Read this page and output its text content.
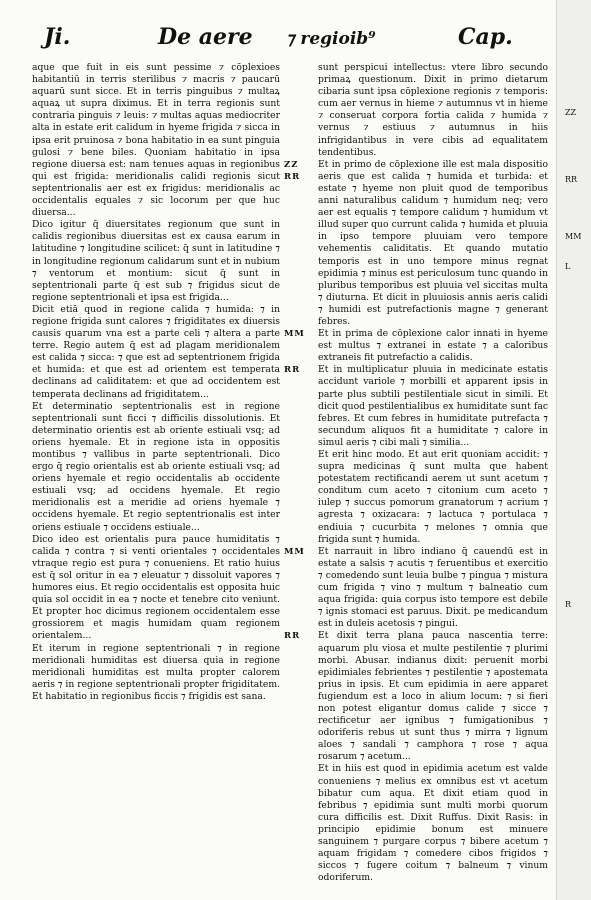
Ji.	De aere ⁊ regioib⁹	Cap.

aque que fuit in eis sunt pessime ⁊ cōplexioes habitantiū in terris sterilibus ⁊ macris ⁊ paucarū aquarū sunt sicce. Et in terris pinguibus ⁊ multaꝝ aquaꝝ ut supra diximus. Et in terra regionis sunt contraria pinguis ⁊ leuis: ⁊ multas aquas mediocriter alta in estate erit calidum in hyeme frigida ⁊ sicca in ipsa erit pruinosa ⁊ bona habitatio in ea sunt pinguia gulosi ⁊ bene biles. Quoniam habitatio in ipsa regione diuersa est: nam tenues aquas in regionibus qui est frigida: meridionalis calidi regionis sicut septentrionalis aer est ex frigidus: meridionalis ac occidentalis equales ⁊ sic locorum per que huc diuersa...

Dico igitur q̄ diuersitates regionum que sunt in calidis regionibus diuersitas est ex causa earum in latitudine ⁊ longitudine scilicet: q̄ sunt in latitudine ⁊ in longitudine regionum calidarum sunt et in nubium ⁊ ventorum et montium: sicut q̄ sunt in septentrionali parte q̄ est sub ⁊ frigidus sicut de regione septentrionali et ipsa est frigida...

Dicit etiā quod in regione calida ⁊ humida: ⁊ in regione frigida sunt calores ⁊ frigiditates ex diuersis causis quarum vna est a parte celi ⁊ altera a parte terre. Regio autem q̄ est ad plagam meridionalem est calida ⁊ sicca: ⁊ que est ad septentrionem frigida et humida: et que est ad orientem est temperata declinans ad caliditatem: et que ad occidentem est temperata declinans ad frigiditatem...

Et determinatio septentrionalis est in regione septentrionali sunt ficci ⁊ difficilis dissolutionis. Et determinatio orientis est ab oriente estiuali vsq; ad oriens hyemale. Et in regione ista in oppositis montibus ⁊ vallibus in parte septentrionali. Dico ergo q̄ regio orientalis est ab oriente estiuali vsq; ad oriens hyemale et regio occidentalis ab occidente estiuali vsq; ad occidens hyemale. Et regio meridionalis est a meridie ad oriens hyemale ⁊ occidens hyemale. Et regio septentrionalis est inter oriens estiuale ⁊ occidens estiuale...

Dico ideo est orientalis pura pauce humiditatis ⁊ calida ⁊ contra ⁊ si venti orientales ⁊ occidentales vtraque regio est pura ⁊ conueniens. Et ratio huius est q̄ sol oritur in ea ⁊ eleuatur ⁊ dissoluit vapores ⁊ humores eius. Et regio occidentalis est opposita huic quia sol occidit in ea ⁊ nocte et tenebre cito veniunt. Et propter hoc dicimus regionem occidentalem esse grossiorem et magis humidam quam regionem orientalem...

Et iterum in regione septentrionali ⁊ in regione meridionali humiditas est diuersa quia in regione meridionali humiditas est multa propter calorem aeris ⁊ in regione septentrionali propter frigiditatem. Et habitatio in regionibus ficcis ⁊ frigidis est sana.

sunt perspicui intellectus: vtere libro secundo primaꝝ questionum. Dixit in primo dietarum cibaria sunt ipsa cōplexione regionis ⁊ temporis: cum aer vernus in hieme ⁊ autumnus vt in hieme ⁊ conseruat corpora fortia calida ⁊ humida ⁊ vernus ⁊ estiuus ⁊ autumnus in hiis infrigidantibus in vere cibis ad equalitatem tendentibus.

ZZ RR

Et in primo de cōplexione ille est mala dispositio aeris que est calida ⁊ humida et turbida: et estate ⁊ hyeme non pluit quod de temporibus anni naturalibus calidum ⁊ humidum neq; vero aer est equalis ⁊ tempore calidum ⁊ humidum vt illud super quo currunt calida ⁊ humida et pluuia in ipso tempore pluuiam vero tempore vehementis caliditatis. Et quando mutatio temporis est in uno tempore minus regnat epidimia ⁊ minus est periculosum tunc quando in pluribus temporibus est pluuia vel siccitas multa ⁊ diuturna. Et dicit in pluuiosis annis aeris calidi ⁊ humidi est putrefactionis magne ⁊ generant febres.

MM	Et in prima de cōplexione calor innati in hyeme est multus ⁊ extranei in estate ⁊ a caloribus extraneis fit putrefactio a calidis.

RR	Et in multiplicatur pluuia in medicinate estatis accidunt variole ⁊ morbilli et apparent ipsis in parte plus subtili pestilentiale sicut in simili. Et dicit quod pestilentialibus ex humiditate sunt fac febres. Et cum febres in humiditate putrefacta ⁊ secundum aliquos fit a humiditate ⁊ calore in simul aeris ⁊ cibi mali ⁊ similia...

Et erit hinc modo. Et aut erit quoniam accidit: ⁊ supra medicinas q̄ sunt multa que habent potestatem rectificandi aerem ut sunt acetum ⁊ conditum cum aceto ⁊ citonium cum aceto ⁊ iulep ⁊ succus pomorum granatorum ⁊ acrium ⁊ agresta ⁊ oxizacara: ⁊ lactuca ⁊ portulaca ⁊ endiuia ⁊ cucurbita ⁊ melones ⁊ omnia que frigida sunt ⁊ humida.

MM	Et narrauit in libro indiano q̄ cauendū est in estate a salsis ⁊ acutis ⁊ feruentibus et exercitio ⁊ comedendo sunt leuia bulbe ⁊ pingua ⁊ mistura cum frigida ⁊ vino ⁊ multum ⁊ balneatio cum aqua frigida: quia corpus isto tempore est debile ⁊ ignis stomaci est paruus. Dixit. pe medicandum est in duleis acetosis ⁊ pingui.

RR	Et dixit terra plana pauca nascentia terre: aquarum plu viosa et multe pestilentie ⁊ plurimi morbi. Abusar. indianus dixit: peruenit morbi epidimiales febrientes ⁊ pestilentie ⁊ apostemata prius in ipsis. Et cum epidimia in aere apparet fugiendum est a loco in alium locum: ⁊ si fieri non potest eligantur domus calide ⁊ sicce ⁊ rectificetur aer ignibus ⁊ fumigationibus ⁊ odoriferis rebus ut sunt thus ⁊ mirra ⁊ lignum aloes ⁊ sandali ⁊ camphora ⁊ rose ⁊ aqua rosarum ⁊ acetum...

Et in hiis est quod in epidimia acetum est valde conueniens ⁊ melius ex omnibus est vt acetum bibatur cum aqua. Et dixit etiam quod in febribus ⁊ epidimia sunt multi morbi quorum cura difficilis est. Dixit Ruffus. Dixit Rasis: in principio epidimie bonum est minuere sanguinem ⁊ purgare corpus ⁊ bibere acetum ⁊ aquam frigidam ⁊ comedere cibos frigidos ⁊ siccos ⁊ fugere coitum ⁊ balneum ⁊ vinum odoriferum.

ZZ
RR
MM
L
R
